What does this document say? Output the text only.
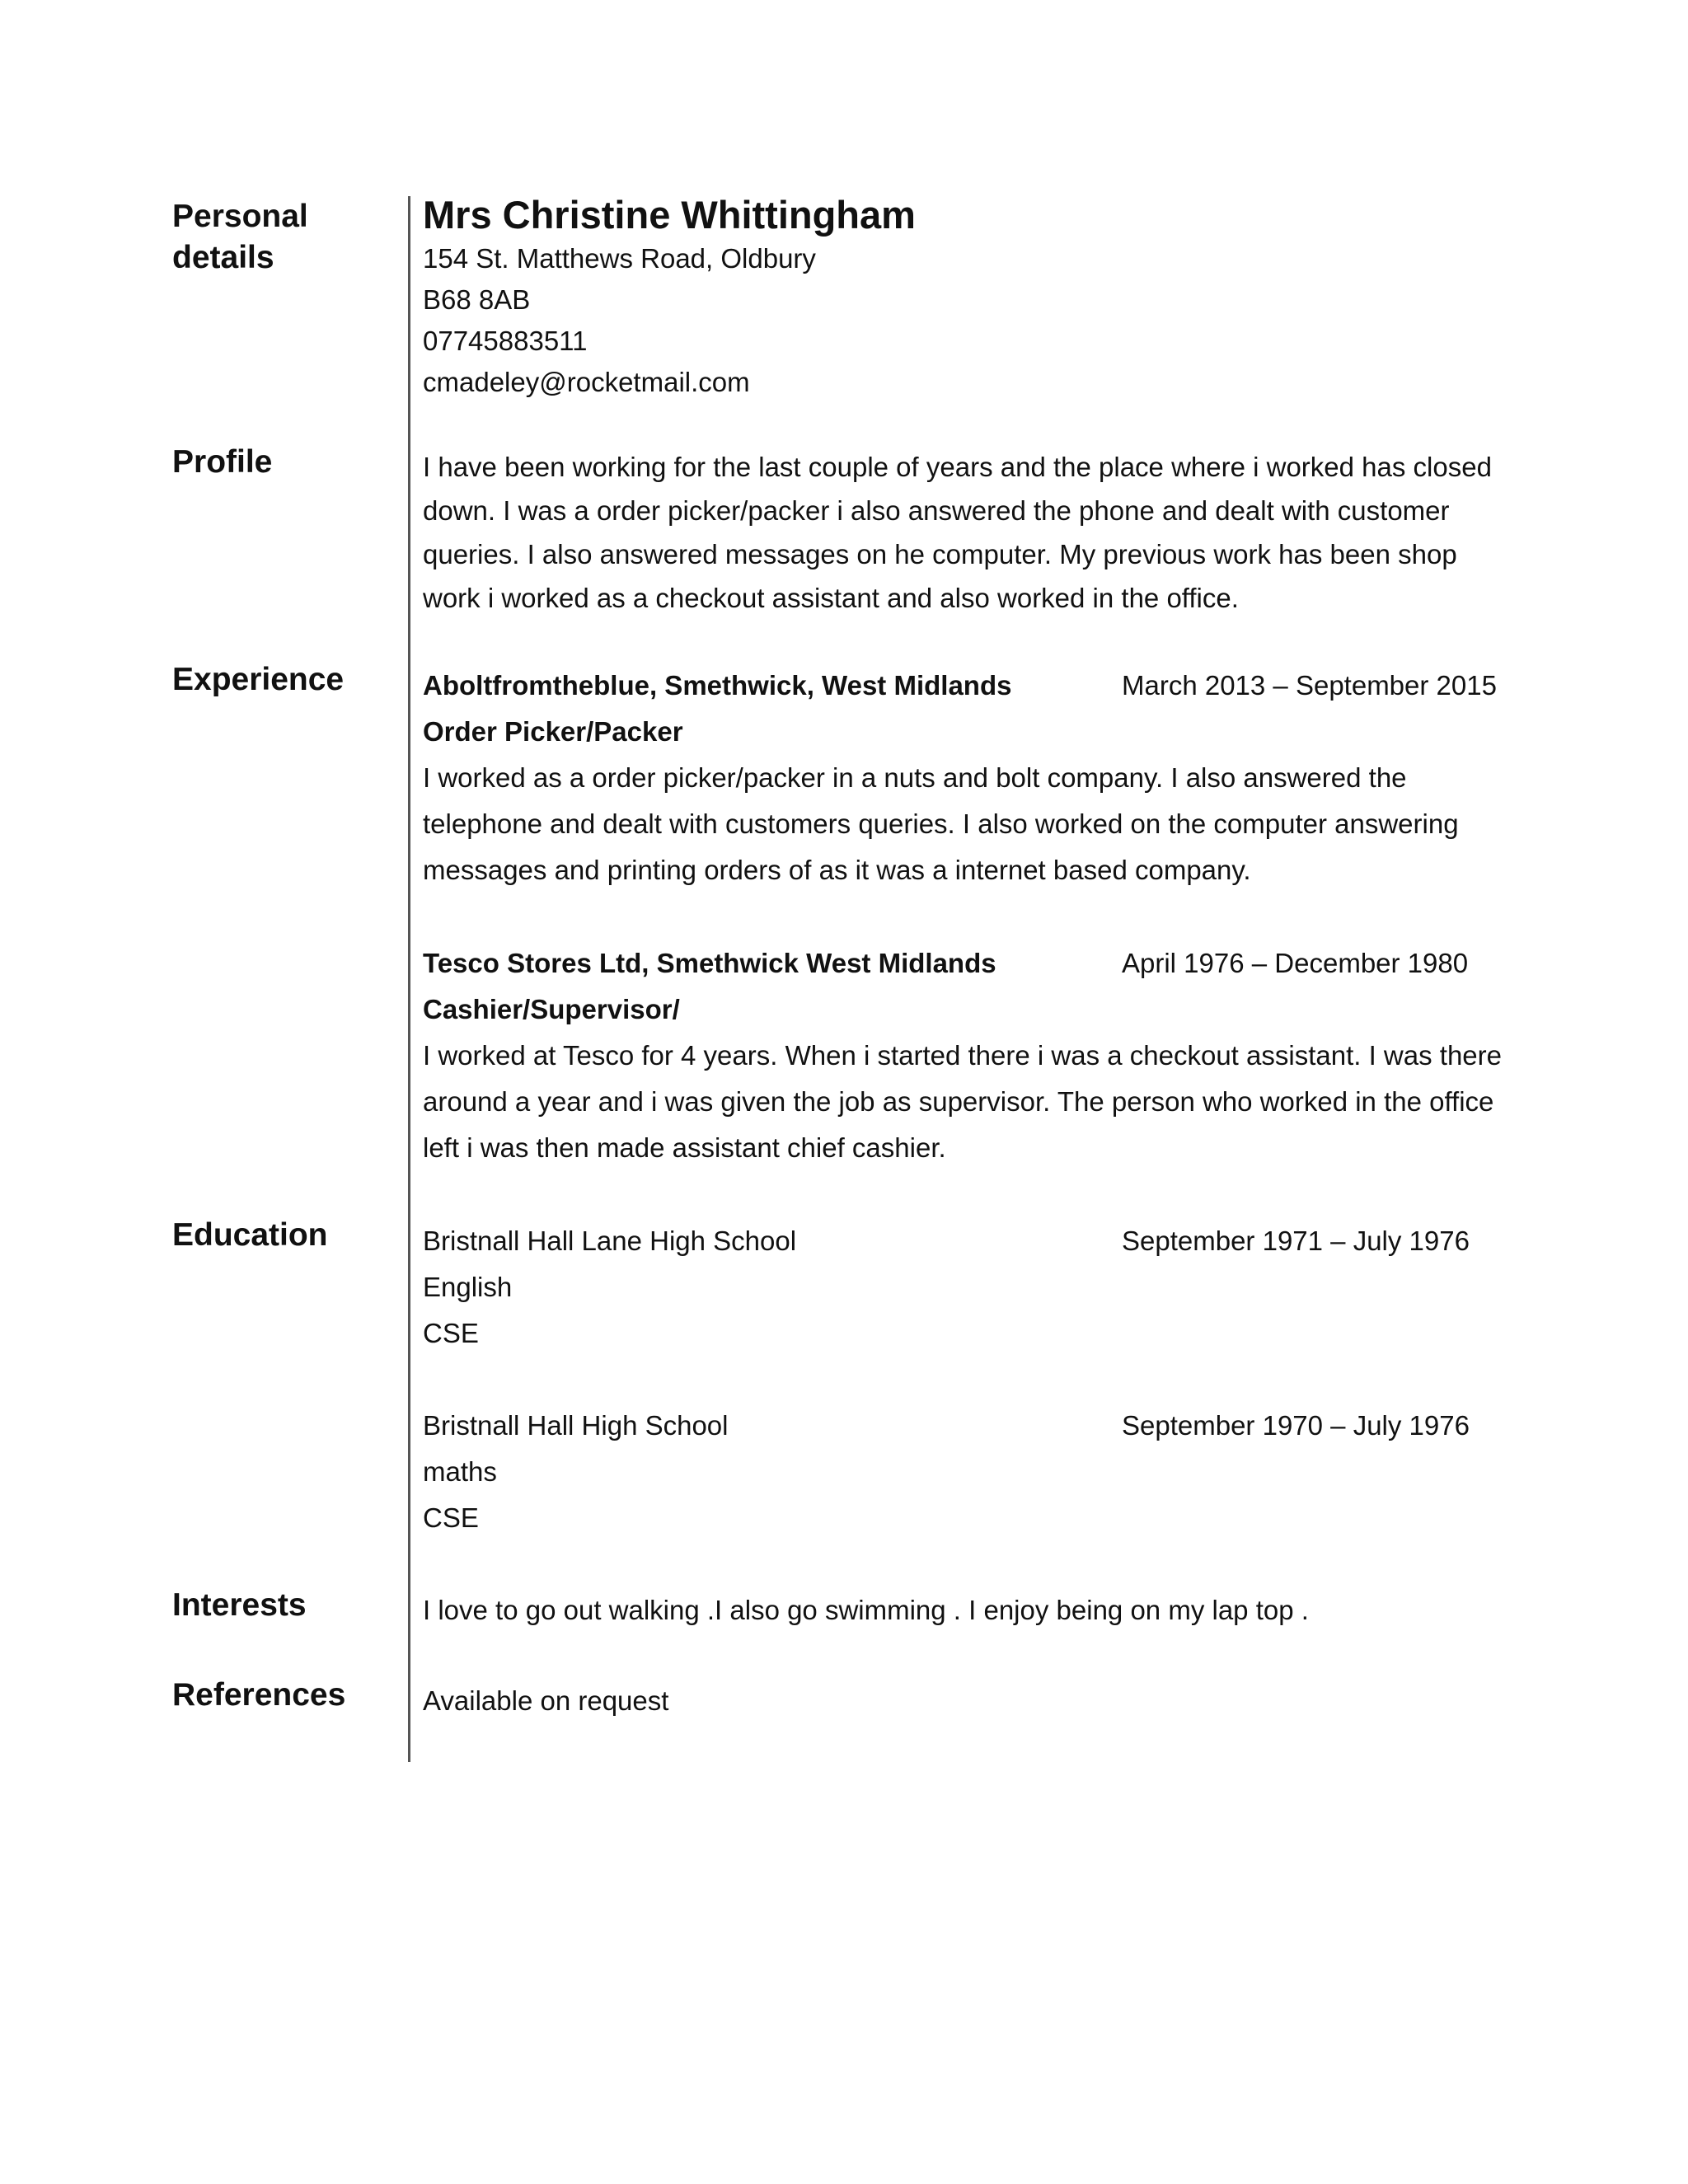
Personal details

Mrs Christine Whittingham

154 St. Matthews Road, Oldbury

B68 8AB

07745883511

cmadeley@rocketmail.com

Profile	I have been working for the last couple of years and the place where i worked has closed down. I was a order picker/packer i also answered the phone and dealt with customer queries. I also answered messages on he computer. My previous work has been shop work i worked as a checkout assistant and also worked in the office.

Experience	Aboltfromtheblue, Smethwick, West Midlands	March 2013 – September 2015
Order Picker/Packer

I worked as a order picker/packer in a nuts and bolt company. I also answered the telephone and dealt with customers queries. I also worked on the computer answering messages and printing orders of as it was a internet based company.

Tesco Stores Ltd, Smethwick West Midlands	April 1976 – December 1980
Cashier/Supervisor/

I worked at Tesco for 4 years. When i started there i was a checkout assistant. I was there around a year and i was given the job as supervisor. The person who worked in the office left i was then made assistant chief cashier.

Education	Bristnall Hall Lane High School	September 1971 – July 1976
English
CSE
Bristnall Hall High School	September 1970 – July 1976
maths
CSE
Interests	I love to go out walking .I also go swimming . I enjoy being on my lap top .
References	Available on request
